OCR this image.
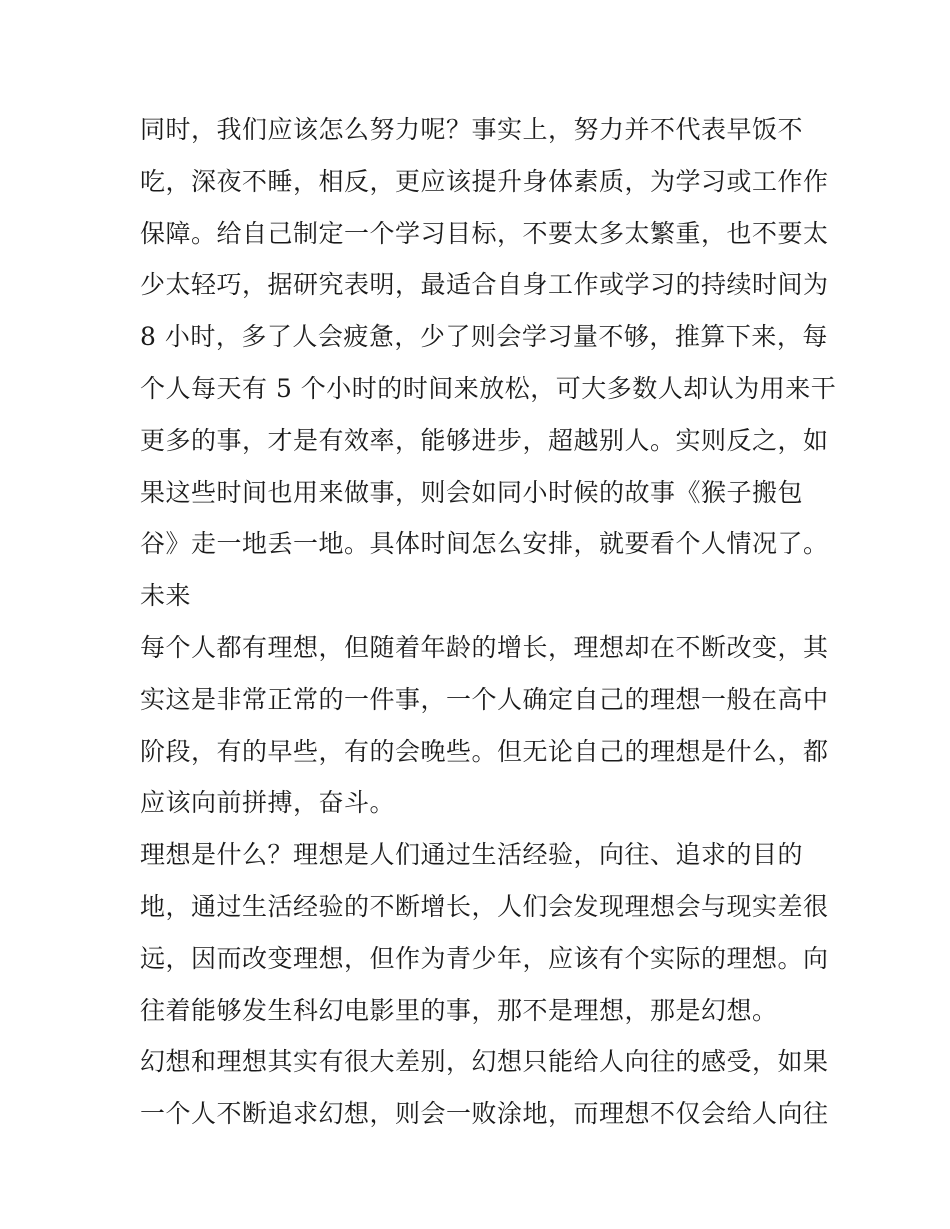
同时，我们应该怎么努力呢？事实上，努力并不代表早饭不
吃，深夜不睡，相反，更应该提升身体素质，为学习或工作作
保障。给自己制定一个学习目标，不要太多太繁重，也不要太
少太轻巧，据研究表明，最适合自身工作或学习的持续时间为
8 小时，多了人会疲惫，少了则会学习量不够，推算下来，每
个人每天有 5 个小时的时间来放松，可大多数人却认为用来干
更多的事，才是有效率，能够进步，超越别人。实则反之，如
果这些时间也用来做事，则会如同小时候的故事《猴子搬包
谷》走一地丢一地。具体时间怎么安排，就要看个人情况了。
未来
每个人都有理想，但随着年龄的增长，理想却在不断改变，其
实这是非常正常的一件事，一个人确定自己的理想一般在高中
阶段，有的早些，有的会晚些。但无论自己的理想是什么，都
应该向前拼搏，奋斗。
理想是什么？理想是人们通过生活经验，向往、追求的目的
地，通过生活经验的不断增长，人们会发现理想会与现实差很
远，因而改变理想，但作为青少年，应该有个实际的理想。向
往着能够发生科幻电影里的事，那不是理想，那是幻想。
幻想和理想其实有很大差别，幻想只能给人向往的感受，如果
一个人不断追求幻想，则会一败涂地，而理想不仅会给人向往
